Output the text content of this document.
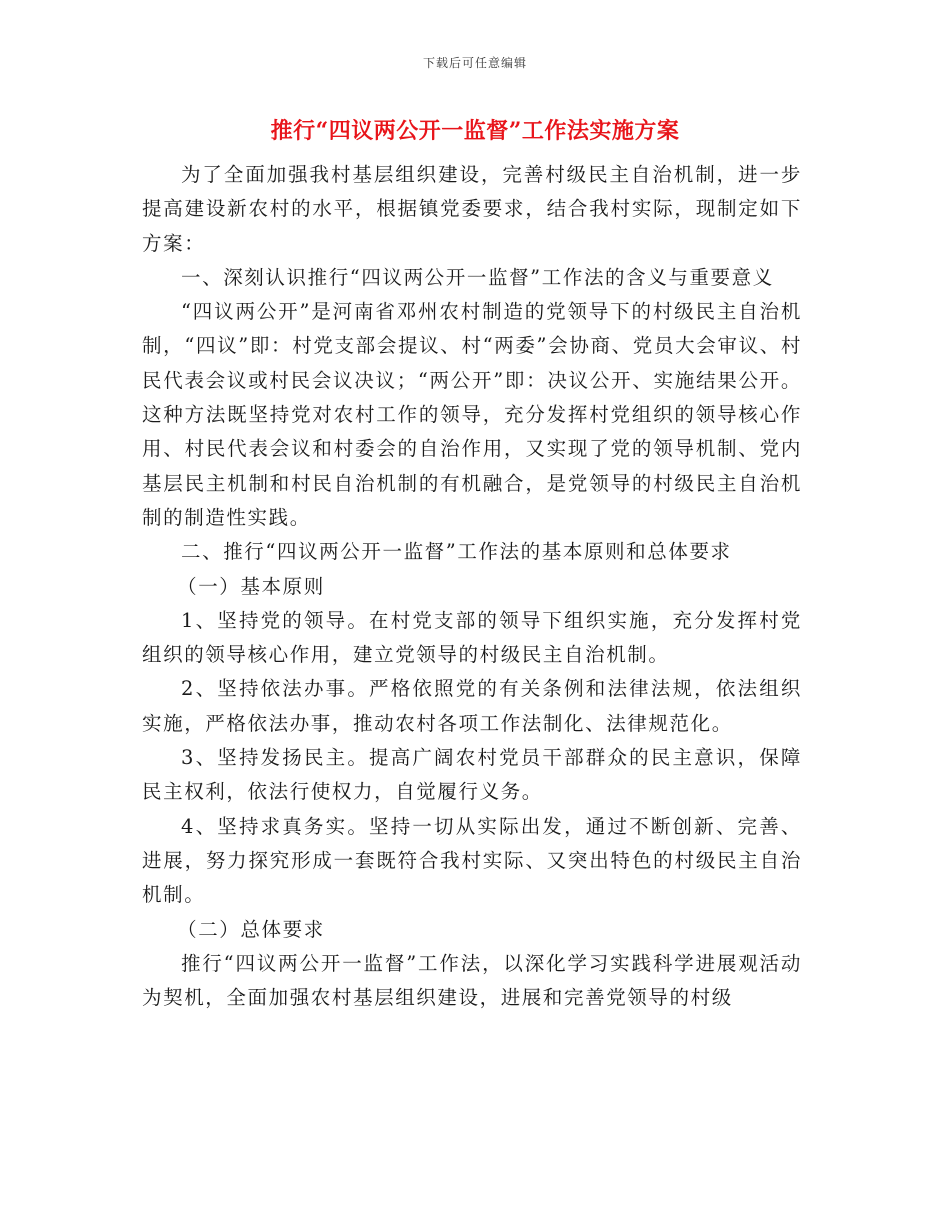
下载后可任意编辑
推行“四议两公开一监督”工作法实施方案

为了全面加强我村基层组织建设，完善村级民主自治机制，进一步提高建设新农村的水平，根据镇党委要求，结合我村实际，现制定如下方案：

一、深刻认识推行“四议两公开一监督”工作法的含义与重要意义

“四议两公开”是河南省邓州农村制造的党领导下的村级民主自治机制，“四议”即：村党支部会提议、村“两委”会协商、党员大会审议、村民代表会议或村民会议决议；“两公开”即：决议公开、实施结果公开。这种方法既坚持党对农村工作的领导，充分发挥村党组织的领导核心作用、村民代表会议和村委会的自治作用，又实现了党的领导机制、党内基层民主机制和村民自治机制的有机融合，是党领导的村级民主自治机制的制造性实践。

二、推行“四议两公开一监督”工作法的基本原则和总体要求

（一）基本原则

1、坚持党的领导。在村党支部的领导下组织实施，充分发挥村党组织的领导核心作用，建立党领导的村级民主自治机制。

2、坚持依法办事。严格依照党的有关条例和法律法规，依法组织实施，严格依法办事，推动农村各项工作法制化、法律规范化。

3、坚持发扬民主。提高广阔农村党员干部群众的民主意识，保障民主权利，依法行使权力，自觉履行义务。

4、坚持求真务实。坚持一切从实际出发，通过不断创新、完善、进展，努力探究形成一套既符合我村实际、又突出特色的村级民主自治机制。

（二）总体要求

推行“四议两公开一监督”工作法，以深化学习实践科学进展观活动为契机，全面加强农村基层组织建设，进展和完善党领导的村级
